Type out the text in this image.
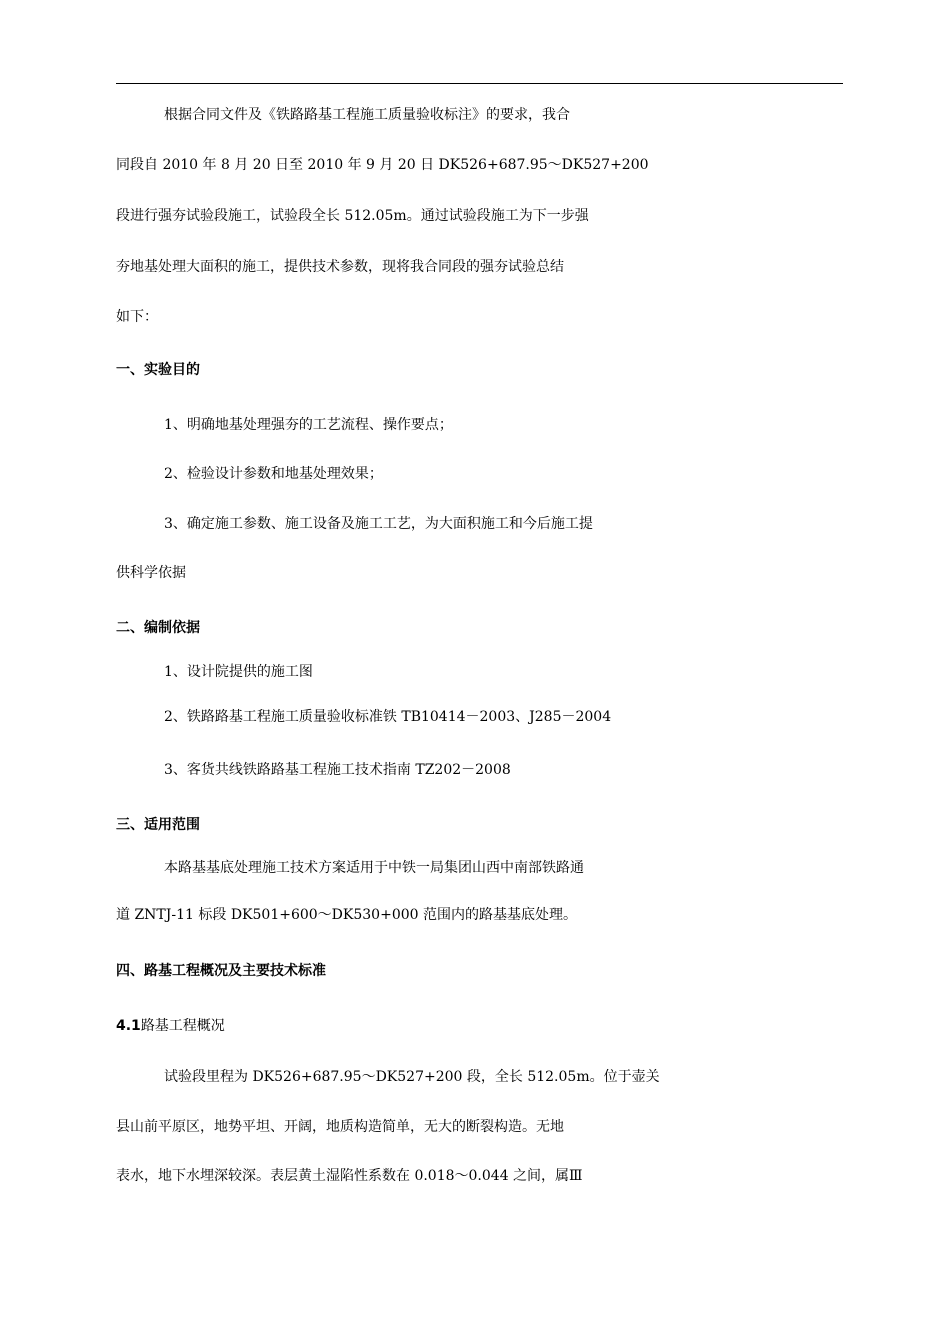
根据合同文件及《铁路路基工程施工质量验收标注》的要求，我合
同段自 2010 年 8 月 20 日至 2010 年 9 月 20 日 DK526+687.95～DK527+200
段进行强夯试验段施工，试验段全长 512.05m。通过试验段施工为下一步强
夯地基处理大面积的施工，提供技术参数，现将我合同段的强夯试验总结
如下：
一、实验目的
1、明确地基处理强夯的工艺流程、操作要点；
2、检验设计参数和地基处理效果；
3、确定施工参数、施工设备及施工工艺，为大面积施工和今后施工提
供科学依据
二、编制依据
1、设计院提供的施工图
2、铁路路基工程施工质量验收标准铁 TB10414－2003、J285－2004
3、客货共线铁路路基工程施工技术指南 TZ202－2008
三、适用范围
本路基基底处理施工技术方案适用于中铁一局集团山西中南部铁路通
道 ZNTJ-11 标段 DK501+600～DK530+000 范围内的路基基底处理。
四、路基工程概况及主要技术标准
4.1路基工程概况
试验段里程为 DK526+687.95～DK527+200 段，全长 512.05m。位于壶关
县山前平原区，地势平坦、开阔，地质构造简单，无大的断裂构造。无地
表水，地下水埋深较深。表层黄土湿陷性系数在 0.018～0.044 之间，属Ⅲ
